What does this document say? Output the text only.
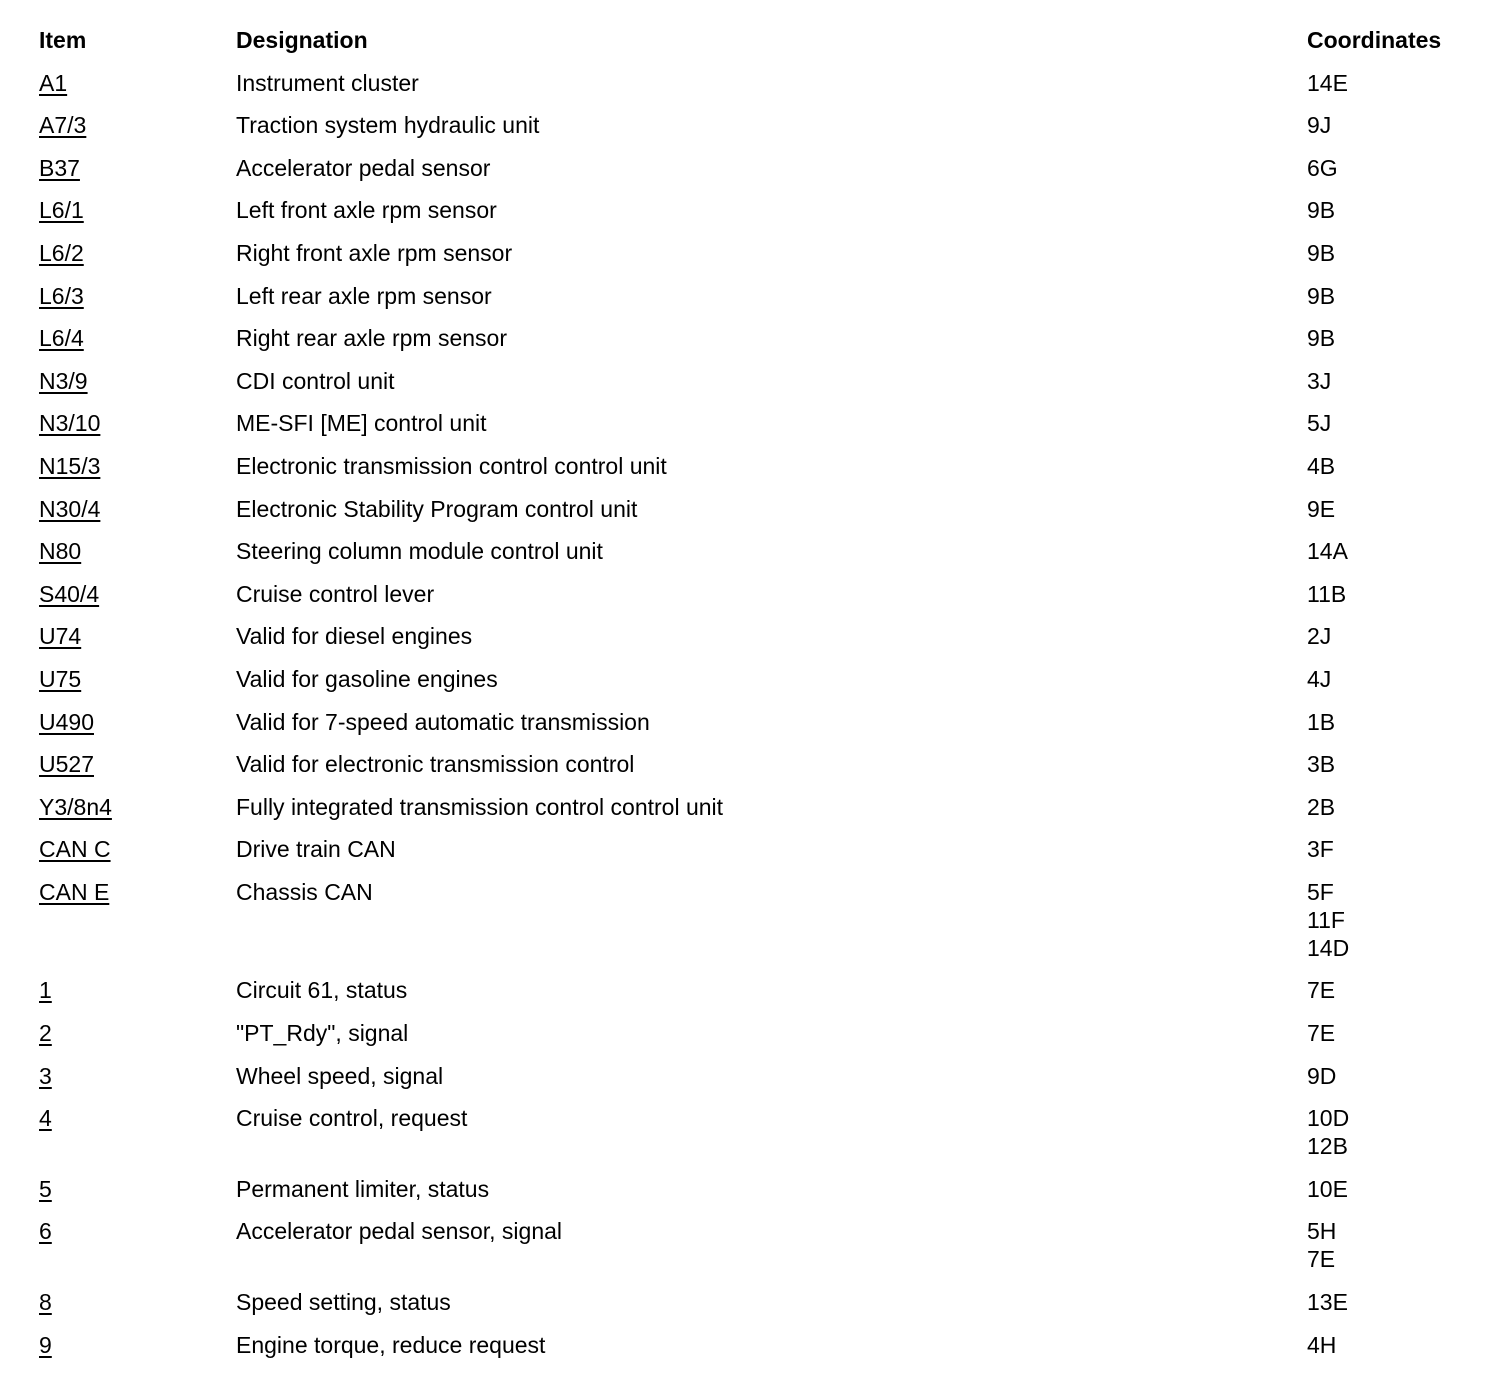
Item	Designation	Coordinates
A1	Instrument cluster	14E
A7/3	Traction system hydraulic unit	9J
B37	Accelerator pedal sensor	6G
L6/1	Left front axle rpm sensor	9B
L6/2	Right front axle rpm sensor	9B
L6/3	Left rear axle rpm sensor	9B
L6/4	Right rear axle rpm sensor	9B
N3/9	CDI control unit	3J
N3/10	ME-SFI [ME] control unit	5J
N15/3	Electronic transmission control control unit	4B
N30/4	Electronic Stability Program control unit	9E
N80	Steering column module control unit	14A
S40/4	Cruise control lever	11B
U74	Valid for diesel engines	2J
U75	Valid for gasoline engines	4J
U490	Valid for 7-speed automatic transmission	1B
U527	Valid for electronic transmission control	3B
Y3/8n4	Fully integrated transmission control control unit	2B
CAN C	Drive train CAN	3F
CAN E	Chassis CAN	5F
11F
14D
1	Circuit 61, status	7E
2	"PT_Rdy", signal	7E
3	Wheel speed, signal	9D
4	Cruise control, request	10D
12B
5	Permanent limiter, status	10E
6	Accelerator pedal sensor, signal	5H
7E
8	Speed setting, status	13E
9	Engine torque, reduce request	4H
